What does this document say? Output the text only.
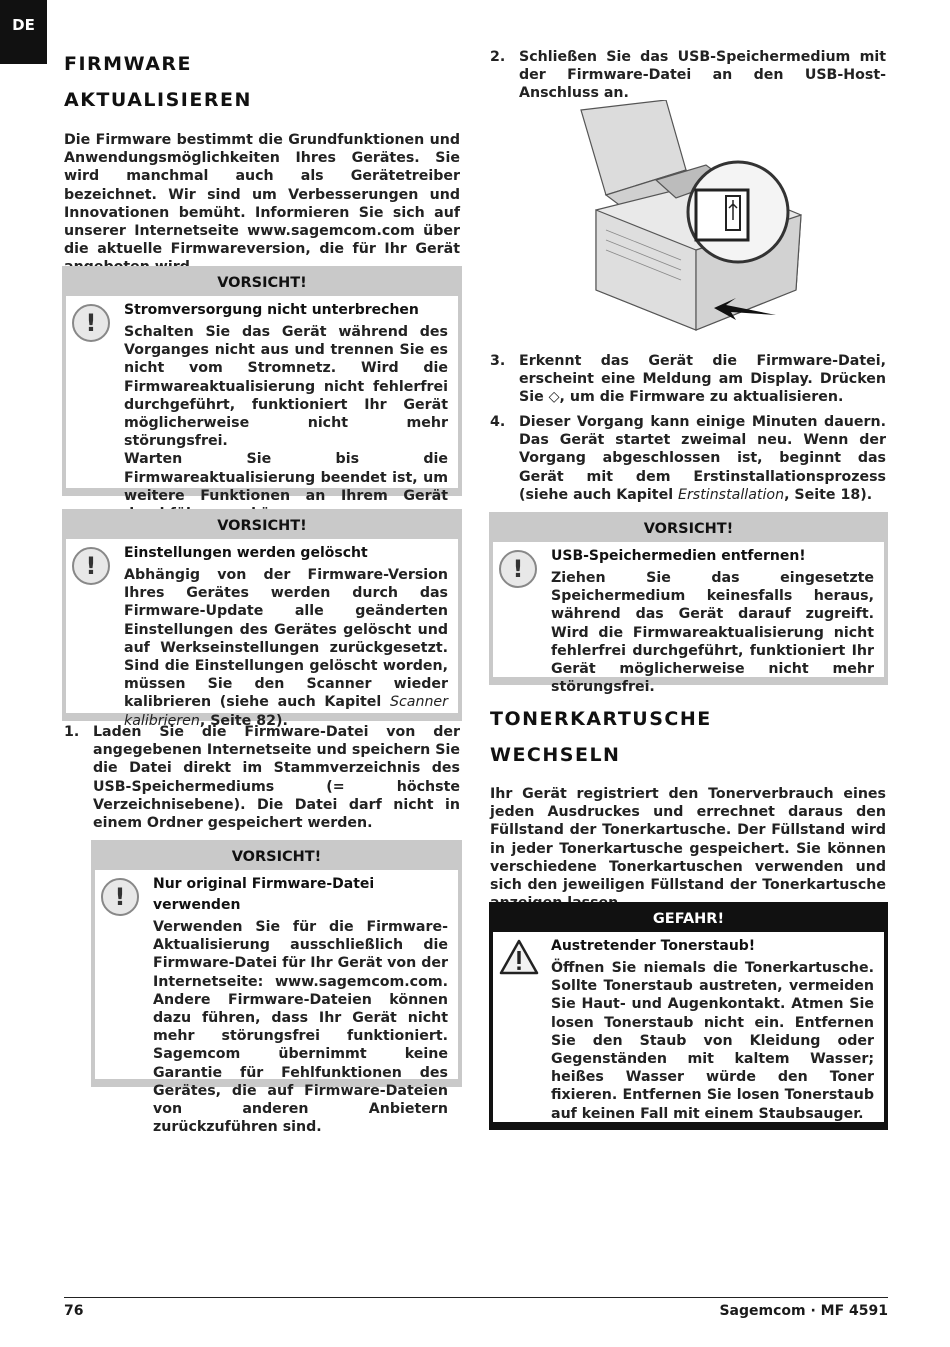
DE
firmware
aktualisieren
Die Firmware bestimmt die Grundfunktionen und Anwendungsmöglichkeiten Ihres Gerätes. Sie wird manchmal auch als Gerätetreiber bezeichnet. Wir sind um Verbesserungen und Innovationen bemüht. Informieren Sie sich auf unserer Internetseite www.sagemcom.com über die aktuelle Firmwareversion, die für Ihr Gerät
VORSICHT!
!	Stromversorgung nicht unterbrechen
Schalten Sie das Gerät während des Vorganges nicht aus und trennen Sie es nicht vom Stromnetz. Wird die Firmwareaktualisierung nicht fehlerfrei durchgeführt, funktioniert Ihr Gerät möglicherweise nicht mehr störungsfrei.
Warten Sie bis die Firmwareaktualisierung beendet ist, um weitere Funktionen an Ihrem Gerät
VORSICHT!
!	Einstellungen werden gelöscht
Abhängig von der Firmware-Version Ihres Gerätes werden durch das Firmware-Update alle geänderten Einstellungen des Gerätes gelöscht und auf Werkseinstellungen zurückgesetzt. Sind die Einstellungen gelöscht worden, müssen Sie den Scanner wieder kalibrieren (siehe auch Kapitel Scanner kalibrieren, Seite 82).
1. Laden Sie die Firmware-Datei von der angegebenen Internetseite und speichern Sie die Datei direkt im Stammverzeichnis des USB-Speichermediums (= höchste Verzeichnisebene). Die Datei darf nicht in einem Ordner gespeichert werden.
VORSICHT!
!	Nur original Firmware-Datei verwenden
Verwenden Sie für die Firmware-Aktualisierung ausschließlich die Firmware-Datei für Ihr Gerät von der Internetseite: www.sagemcom.com. Andere Firmware-Dateien können dazu führen, dass Ihr Gerät nicht mehr störungsfrei funktioniert. Sagemcom übernimmt keine Garantie für Fehlfunktionen des Gerätes, die auf Firmware-Dateien von anderen Anbietern zurückzuführen sind.
2. Schließen Sie das USB-Speichermedium mit der Firmware-Datei an den USB-Host-Anschluss an.
3. Erkennt das Gerät die Firmware-Datei, erscheint eine Meldung am Display. Drücken Sie ◇, um die Firmware zu aktualisieren.
4. Dieser Vorgang kann einige Minuten dauern. Das Gerät startet zweimal neu. Wenn der Vorgang abgeschlossen ist, beginnt das Gerät mit dem Erstinstallationsprozess (siehe auch Kapitel Erstinstallation, Seite 18).
VORSICHT!
!	USB-Speichermedien entfernen!
Ziehen Sie das eingesetzte Speichermedium keinesfalls heraus, während das Gerät darauf zugreift. Wird die Firmwareaktualisierung nicht fehlerfrei durchgeführt, funktioniert Ihr Gerät möglicherweise nicht mehr störungsfrei.
tonerkartusche
wechseln
Ihr Gerät registriert den Tonerverbrauch eines jeden Ausdruckes und errechnet daraus den Füllstand der Tonerkartusche. Der Füllstand wird in jeder Tonerkartusche gespeichert. Sie können verschiedene Tonerkartuschen verwenden und sich den jeweiligen Füllstand der Tonerkartusche
GEFAHR!
Austretender Tonerstaub!
Öffnen Sie niemals die Tonerkartusche. Sollte Tonerstaub austreten, vermeiden Sie Haut- und Augenkontakt. Atmen Sie losen Tonerstaub nicht ein. Entfernen Sie den Staub von Kleidung oder Gegenständen mit kaltem Wasser; heißes Wasser würde den Toner fixieren. Entfernen Sie losen Tonerstaub auf keinen Fall mit einem Staubsauger.
76	Sagemcom · MF 4591
